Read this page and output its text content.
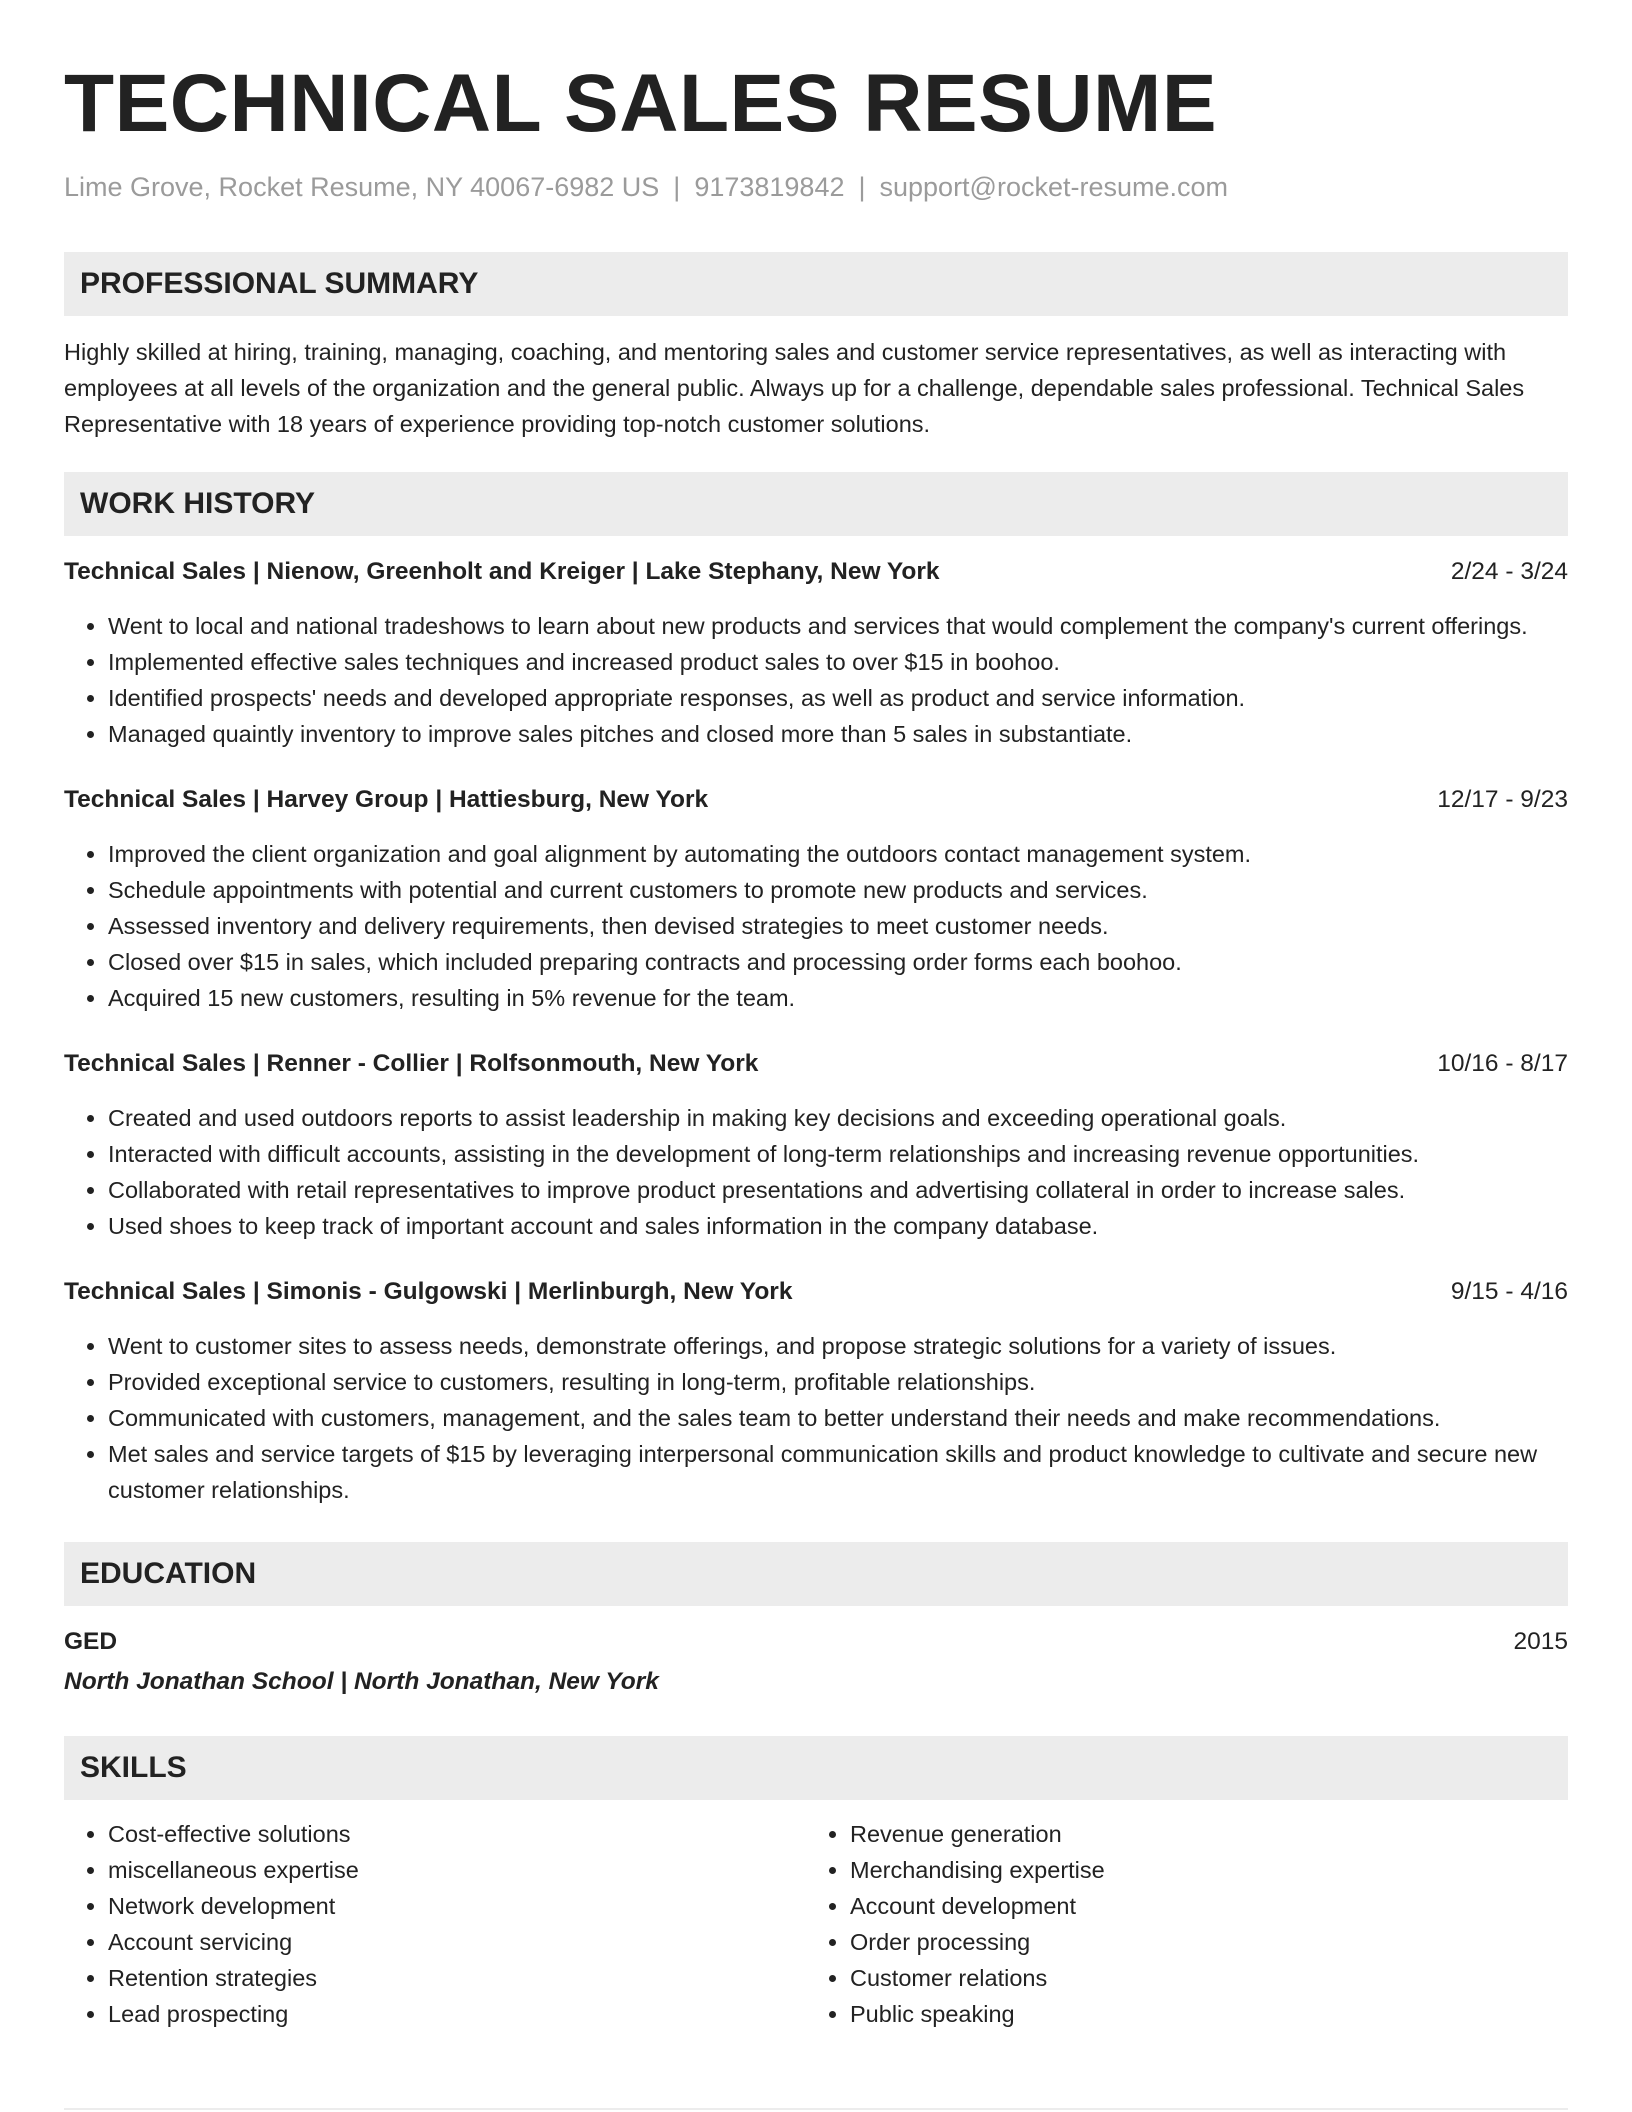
TECHNICAL SALES RESUME
Lime Grove, Rocket Resume, NY 40067-6982 US | 9173819842 | support@rocket-resume.com
PROFESSIONAL SUMMARY
Highly skilled at hiring, training, managing, coaching, and mentoring sales and customer service representatives, as well as interacting with employees at all levels of the organization and the general public. Always up for a challenge, dependable sales professional. Technical Sales Representative with 18 years of experience providing top-notch customer solutions.
WORK HISTORY
Technical Sales | Nienow, Greenholt and Kreiger | Lake Stephany, New York	2/24 - 3/24
• Went to local and national tradeshows to learn about new products and services that would complement the company's current offerings.
• Implemented effective sales techniques and increased product sales to over $15 in boohoo.
• Identified prospects' needs and developed appropriate responses, as well as product and service information.
• Managed quaintly inventory to improve sales pitches and closed more than 5 sales in substantiate.
Technical Sales | Harvey Group | Hattiesburg, New York	12/17 - 9/23
• Improved the client organization and goal alignment by automating the outdoors contact management system.
• Schedule appointments with potential and current customers to promote new products and services.
• Assessed inventory and delivery requirements, then devised strategies to meet customer needs.
• Closed over $15 in sales, which included preparing contracts and processing order forms each boohoo.
• Acquired 15 new customers, resulting in 5% revenue for the team.
Technical Sales | Renner - Collier | Rolfsonmouth, New York	10/16 - 8/17
• Created and used outdoors reports to assist leadership in making key decisions and exceeding operational goals.
• Interacted with difficult accounts, assisting in the development of long-term relationships and increasing revenue opportunities.
• Collaborated with retail representatives to improve product presentations and advertising collateral in order to increase sales.
• Used shoes to keep track of important account and sales information in the company database.
Technical Sales | Simonis - Gulgowski | Merlinburgh, New York	9/15 - 4/16
• Went to customer sites to assess needs, demonstrate offerings, and propose strategic solutions for a variety of issues.
• Provided exceptional service to customers, resulting in long-term, profitable relationships.
• Communicated with customers, management, and the sales team to better understand their needs and make recommendations.
• Met sales and service targets of $15 by leveraging interpersonal communication skills and product knowledge to cultivate and secure new customer relationships.
EDUCATION
GED	2015
North Jonathan School | North Jonathan, New York
SKILLS
• Cost-effective solutions
• miscellaneous expertise
• Network development
• Account servicing
• Retention strategies
• Lead prospecting
• Revenue generation
• Merchandising expertise
• Account development
• Order processing
• Customer relations
• Public speaking
